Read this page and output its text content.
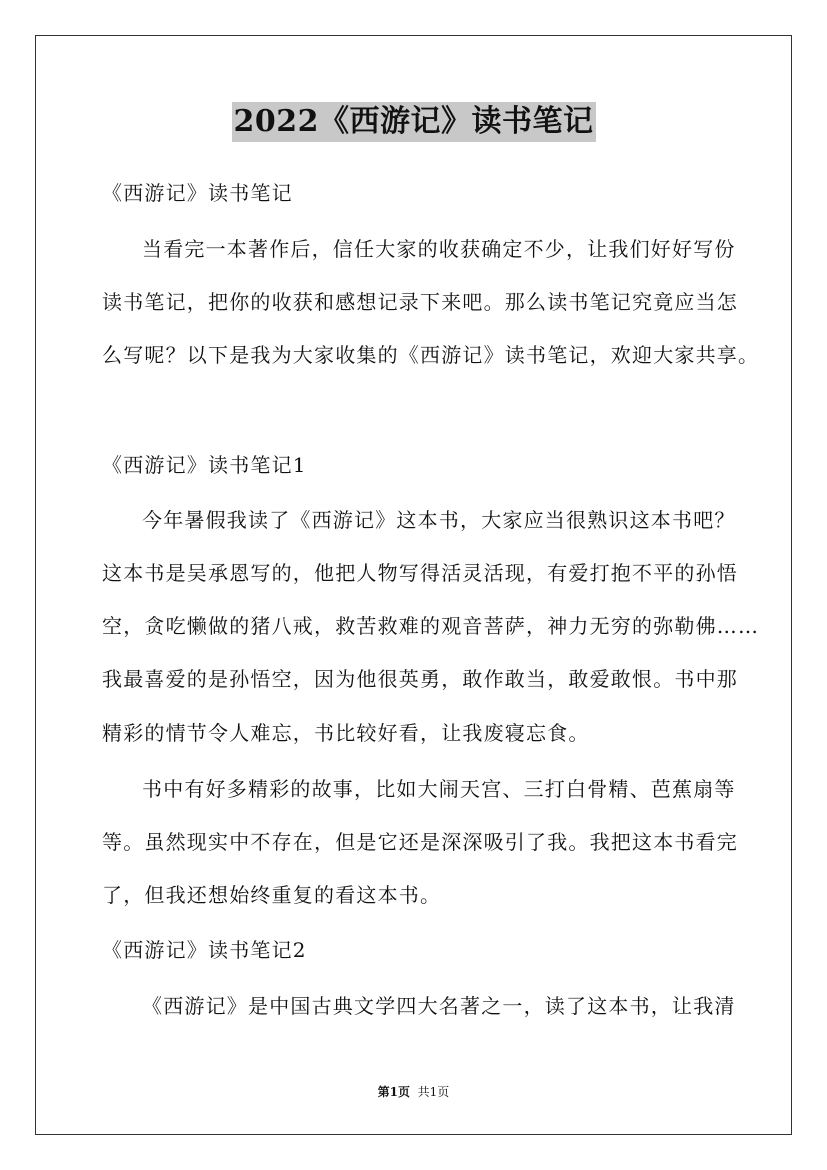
2022《西游记》读书笔记
《西游记》读书笔记
当看完一本著作后，信任大家的收获确定不少，让我们好好写份
读书笔记，把你的收获和感想记录下来吧。那么读书笔记究竟应当怎
么写呢？以下是我为大家收集的《西游记》读书笔记，欢迎大家共享。
《西游记》读书笔记1
今年暑假我读了《西游记》这本书，大家应当很熟识这本书吧？
这本书是吴承恩写的，他把人物写得活灵活现，有爱打抱不平的孙悟
空，贪吃懒做的猪八戒，救苦救难的观音菩萨，神力无穷的弥勒佛……
我最喜爱的是孙悟空，因为他很英勇，敢作敢当，敢爱敢恨。书中那
精彩的情节令人难忘，书比较好看，让我废寝忘食。
书中有好多精彩的故事，比如大闹天宫、三打白骨精、芭蕉扇等
等。虽然现实中不存在，但是它还是深深吸引了我。我把这本书看完
了，但我还想始终重复的看这本书。
《西游记》读书笔记2
《西游记》是中国古典文学四大名著之一，读了这本书，让我清
第1页 共1页
